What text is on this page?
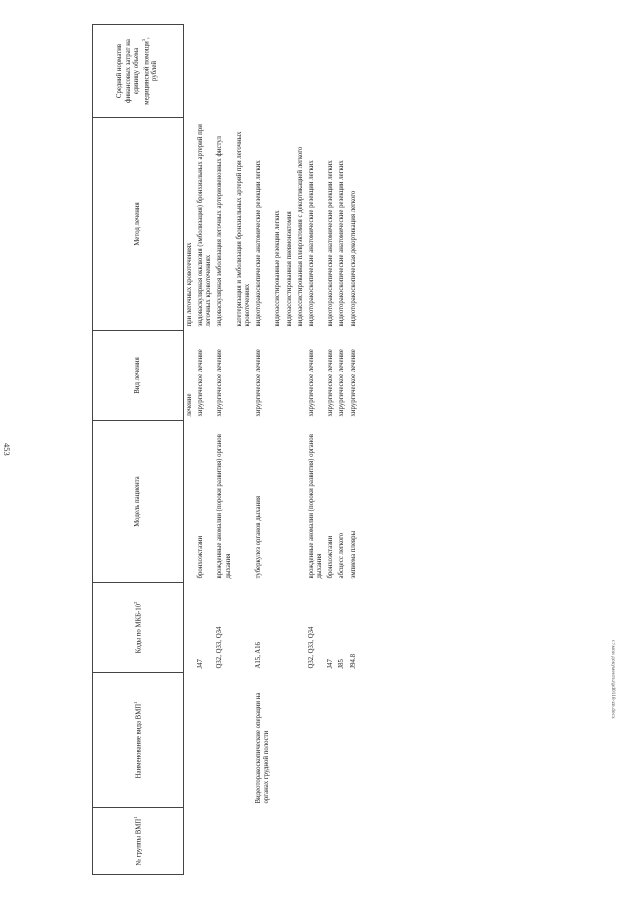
453
c:\мои документы\pd0118-zn.docx
№ группы ВМП$^1$	Наименование вида ВМП$^1$	Коды по МКБ-$10^2$	Модель пациента	Вид лечения	Метод лечения	Средний норматив финансовых затрат на единицу объема медицинской помощи$^3$, рублей
				лечение	при легочных кровотечениях	
		J47	бронхоэктазии	хирургическое лечение	эндоваскулярная окклюзия (эмболизация) бронхиальных артерий при легочных кровотечениях	
		Q32, Q33, Q34	врожденные аномалии (пороки развития) органов дыхания	хирургическое лечение	эндоваскулярная эмболизация легочных артериовенозных фистул	
					катетеризация и эмболизация бронхиальных артерий при легочных кровотечениях	
	Видеоторакоскопические операции на органах грудной полости	A15, A16	туберкулез органов дыхания	хирургическое лечение	видеоторакоскопические анатомические резекции легких	
					видеоассистированные резекции легких	
					видеоассистированная пневмонэктомия	
					видеоассистированная плеврэктомия с декортикацией легкого	
		Q32, Q33, Q34	врожденные аномалии (пороки развития) органов дыхания	хирургическое лечение	видеоторакоскопические анатомические резекции легких	
		J47	бронхоэктазии	хирургическое лечение	видеоторакоскопические анатомические резекции легких	
		J85	абсцесс легкого	хирургическое лечение	видеоторакоскопические анатомические резекции легких	
		J94.8	эмпиема плевры	хирургическое лечение	видеоторакоскопическая декортикация легкого	
